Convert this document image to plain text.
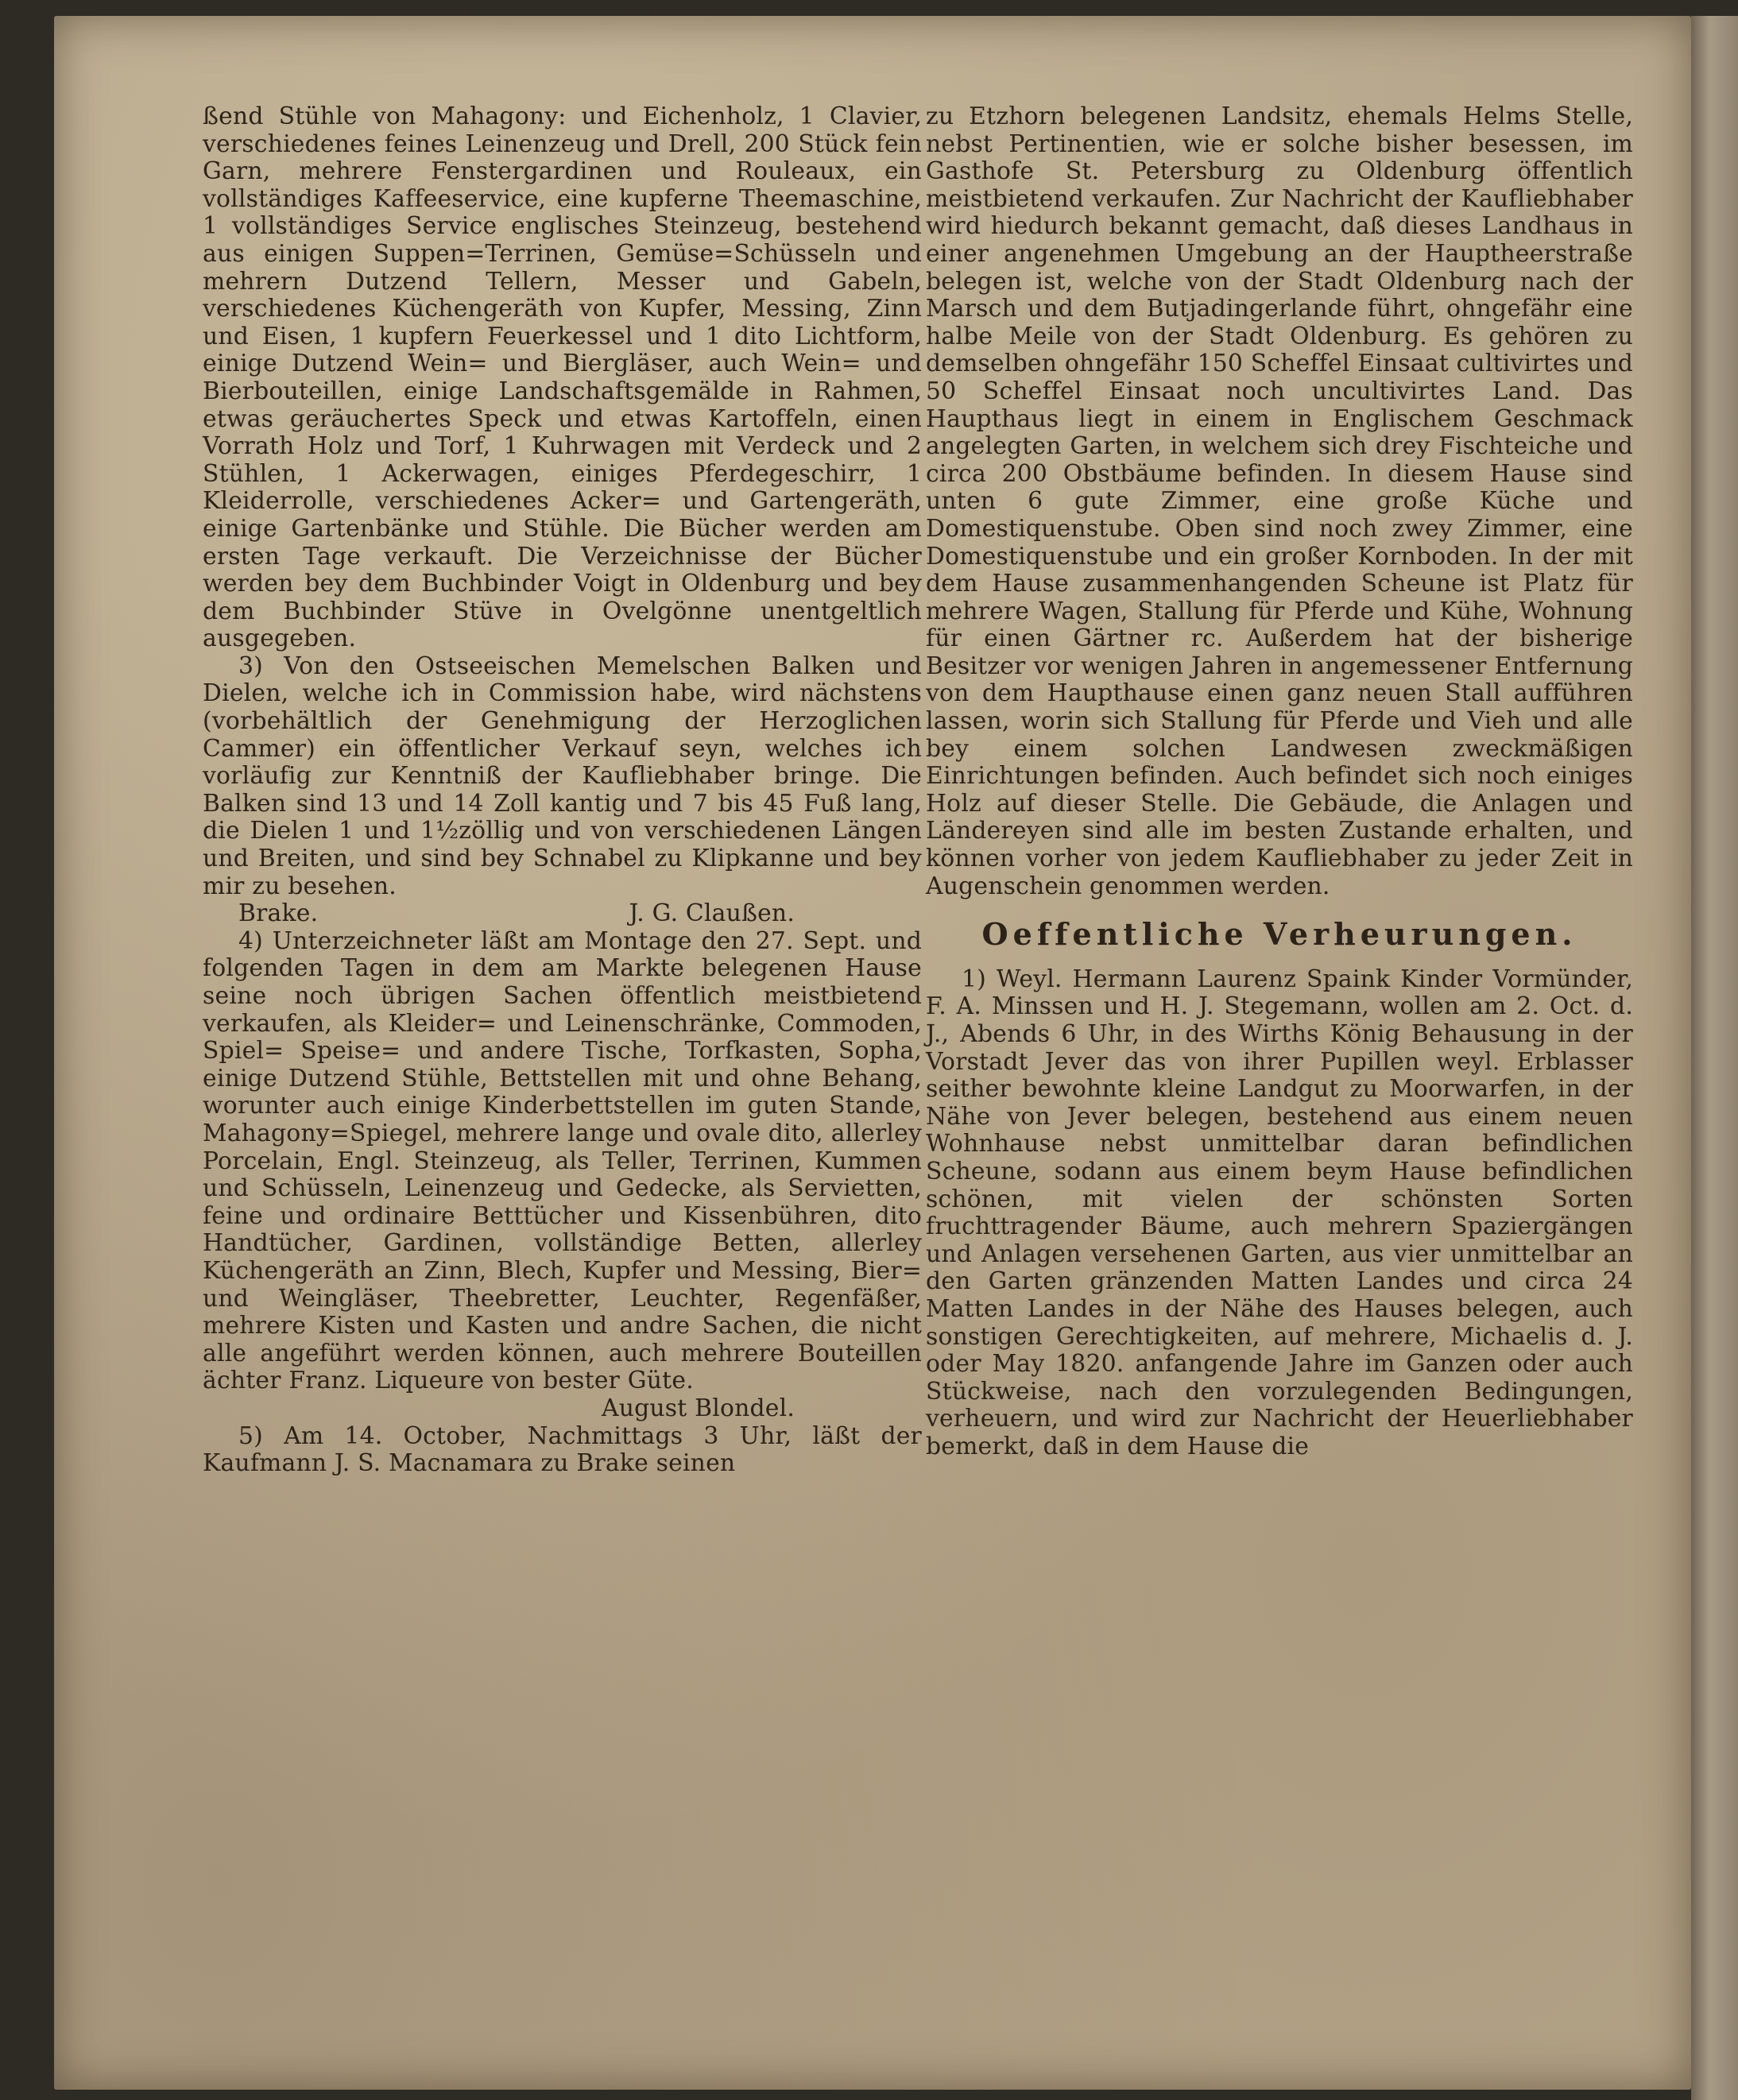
ßend Stühle von Mahagony: und Eichenholz, 1 Clavier, verschiedenes feines Leinenzeug und Drell, 200 Stück fein Garn, mehrere Fenstergardinen und Rouleaux, ein vollständiges Kaffeeservice, eine kupferne Theemaschine, 1 vollständiges Service englisches Steinzeug, bestehend aus einigen Suppen=Terrinen, Gemüse=Schüsseln und mehrern Dutzend Tellern, Messer und Gabeln, verschiedenes Küchengeräth von Kupfer, Messing, Zinn und Eisen, 1 kupfern Feuerkessel und 1 dito Lichtform, einige Dutzend Wein= und Biergläser, auch Wein= und Bierbouteillen, einige Landschaftsgemälde in Rahmen, etwas geräuchertes Speck und etwas Kartoffeln, einen Vorrath Holz und Torf, 1 Kuhrwagen mit Verdeck und 2 Stühlen, 1 Ackerwagen, einiges Pferdegeschirr, 1 Kleiderrolle, verschiedenes Acker= und Gartengeräth, einige Gartenbänke und Stühle. Die Bücher werden am ersten Tage verkauft. Die Verzeichnisse der Bücher werden bey dem Buchbinder Voigt in Oldenburg und bey dem Buchbinder Stüve in Ovelgönne unentgeltlich ausgegeben.

3) Von den Ostseeischen Memelschen Balken und Dielen, welche ich in Commission habe, wird nächstens (vorbehältlich der Genehmigung der Herzoglichen Cammer) ein öffentlicher Verkauf seyn, welches ich vorläufig zur Kenntniß der Kaufliebhaber bringe. Die Balken sind 13 und 14 Zoll kantig und 7 bis 45 Fuß lang, die Dielen 1 und 1½zöllig und von verschiedenen Längen und Breiten, und sind bey Schnabel zu Klipkanne und bey mir zu besehen.

Brake.	J. G. Claußen.

4) Unterzeichneter läßt am Montage den 27. Sept. und folgenden Tagen in dem am Markte belegenen Hause seine noch übrigen Sachen öffentlich meistbietend verkaufen, als Kleider= und Leinenschränke, Commoden, Spiel= Speise= und andere Tische, Torfkasten, Sopha, einige Dutzend Stühle, Bettstellen mit und ohne Behang, worunter auch einige Kinderbettstellen im guten Stande, Mahagony=Spiegel, mehrere lange und ovale dito, allerley Porcelain, Engl. Steinzeug, als Teller, Terrinen, Kummen und Schüsseln, Leinenzeug und Gedecke, als Servietten, feine und ordinaire Betttücher und Kissenbühren, dito Handtücher, Gardinen, vollständige Betten, allerley Küchengeräth an Zinn, Blech, Kupfer und Messing, Bier= und Weingläser, Theebretter, Leuchter, Regenfäßer, mehrere Kisten und Kasten und andre Sachen, die nicht alle angeführt werden können, auch mehrere Bouteillen ächter Franz. Liqueure von bester Güte.

August Blondel.

5) Am 14. October, Nachmittags 3 Uhr, läßt der Kaufmann J. S. Macnamara zu Brake seinen

zu Etzhorn belegenen Landsitz, ehemals Helms Stelle, nebst Pertinentien, wie er solche bisher besessen, im Gasthofe St. Petersburg zu Oldenburg öffentlich meistbietend verkaufen. Zur Nachricht der Kaufliebhaber wird hiedurch bekannt gemacht, daß dieses Landhaus in einer angenehmen Umgebung an der Hauptheerstraße belegen ist, welche von der Stadt Oldenburg nach der Marsch und dem Butjadingerlande führt, ohngefähr eine halbe Meile von der Stadt Oldenburg. Es gehören zu demselben ohngefähr 150 Scheffel Einsaat cultivirtes und 50 Scheffel Einsaat noch uncultivirtes Land. Das Haupthaus liegt in einem in Englischem Geschmack angelegten Garten, in welchem sich drey Fischteiche und circa 200 Obstbäume befinden. In diesem Hause sind unten 6 gute Zimmer, eine große Küche und Domestiquenstube. Oben sind noch zwey Zimmer, eine Domestiquenstube und ein großer Kornboden. In der mit dem Hause zusammenhangenden Scheune ist Platz für mehrere Wagen, Stallung für Pferde und Kühe, Wohnung für einen Gärtner rc. Außerdem hat der bisherige Besitzer vor wenigen Jahren in angemessener Entfernung von dem Haupthause einen ganz neuen Stall aufführen lassen, worin sich Stallung für Pferde und Vieh und alle bey einem solchen Landwesen zweckmäßigen Einrichtungen befinden. Auch befindet sich noch einiges Holz auf dieser Stelle. Die Gebäude, die Anlagen und Ländereyen sind alle im besten Zustande erhalten, und können vorher von jedem Kaufliebhaber zu jeder Zeit in Augenschein genommen werden.

Oeffentliche Verheurungen.

1) Weyl. Hermann Laurenz Spaink Kinder Vormünder, F. A. Minssen und H. J. Stegemann, wollen am 2. Oct. d. J., Abends 6 Uhr, in des Wirths König Behausung in der Vorstadt Jever das von ihrer Pupillen weyl. Erblasser seither bewohnte kleine Landgut zu Moorwarfen, in der Nähe von Jever belegen, bestehend aus einem neuen Wohnhause nebst unmittelbar daran befindlichen Scheune, sodann aus einem beym Hause befindlichen schönen, mit vielen der schönsten Sorten fruchttragender Bäume, auch mehrern Spaziergängen und Anlagen versehenen Garten, aus vier unmittelbar an den Garten gränzenden Matten Landes und circa 24 Matten Landes in der Nähe des Hauses belegen, auch sonstigen Gerechtigkeiten, auf mehrere, Michaelis d. J. oder May 1820. anfangende Jahre im Ganzen oder auch Stückweise, nach den vorzulegenden Bedingungen, verheuern, und wird zur Nachricht der Heuerliebhaber bemerkt, daß in dem Hause die
